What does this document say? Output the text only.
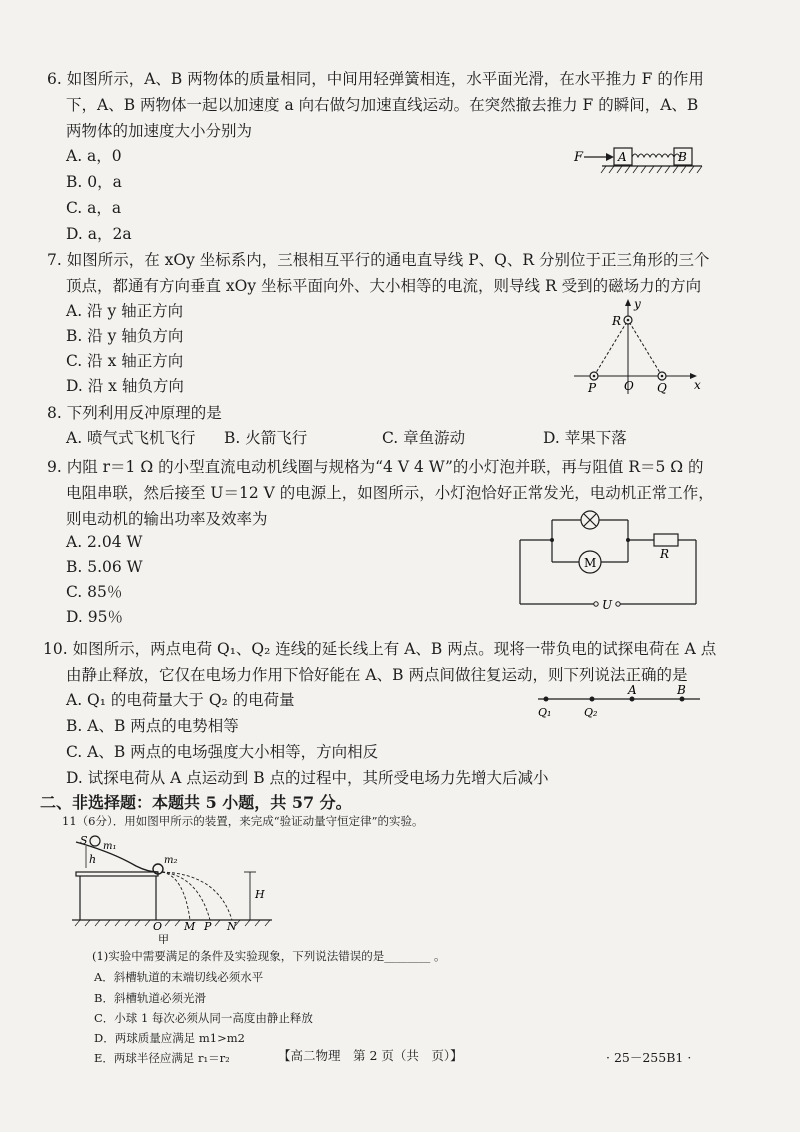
6. 如图所示，A、B 两物体的质量相同，中间用轻弹簧相连，水平面光滑，在水平推力 F 的作用
下，A、B 两物体一起以加速度 a 向右做匀加速直线运动。在突然撤去推力 F 的瞬间，A、B
两物体的加速度大小分别为
A. a，0
B. 0，a
C. a，a
D. a，2a
F	A	B
7. 如图所示，在 xOy 坐标系内，三根相互平行的通电直导线 P、Q、R 分别位于正三角形的三个
顶点，都通有方向垂直 xOy 坐标平面向外、大小相等的电流，则导线 R 受到的磁场力的方向
A. 沿 y 轴正方向
B. 沿 y 轴负方向
C. 沿 x 轴正方向
D. 沿 x 轴负方向
y
x
R
P O Q
8. 下列利用反冲原理的是
A. 喷气式飞机飞行 B. 火箭飞行	C. 章鱼游动	D. 苹果下落
9. 内阻 r＝1 Ω 的小型直流电动机线圈与规格为“4 V 4 W”的小灯泡并联，再与阻值 R＝5 Ω 的
电阻串联，然后接至 U＝12 V 的电源上，如图所示，小灯泡恰好正常发光，电动机正常工作，
则电动机的输出功率及效率为
A. 2.04 W
B. 5.06 W
C. 85％
D. 95％
M
R
U
10. 如图所示，两点电荷 Q₁、Q₂ 连线的延长线上有 A、B 两点。现将一带负电的试探电荷在 A 点
由静止释放，它仅在电场力作用下恰好能在 A、B 两点间做往复运动，则下列说法正确的是
A. Q₁ 的电荷量大于 Q₂ 的电荷量
B. A、B 两点的电势相等
C. A、B 两点的电场强度大小相等，方向相反
D. 试探电荷从 A 点运动到 B 点的过程中，其所受电场力先增大后减小
Q₁	Q₂
A	B
二、非选择题：本题共 5 小题，共 57 分。
11（6分）．用如图甲所示的装置，来完成“验证动量守恒定律”的实验。
S m₁
h	m₂
H
O M P N
甲
(1)实验中需要满足的条件及实验现象，下列说法错误的是________ 。
A．斜槽轨道的末端切线必须水平
B．斜槽轨道必须光滑
C．小球 1 每次必须从同一高度由静止释放
D．两球质量应满足 m1>m2
E．两球半径应满足 r₁＝r₂	【高二物理　第 2 页（共　页）】	· 25－255B1 ·
